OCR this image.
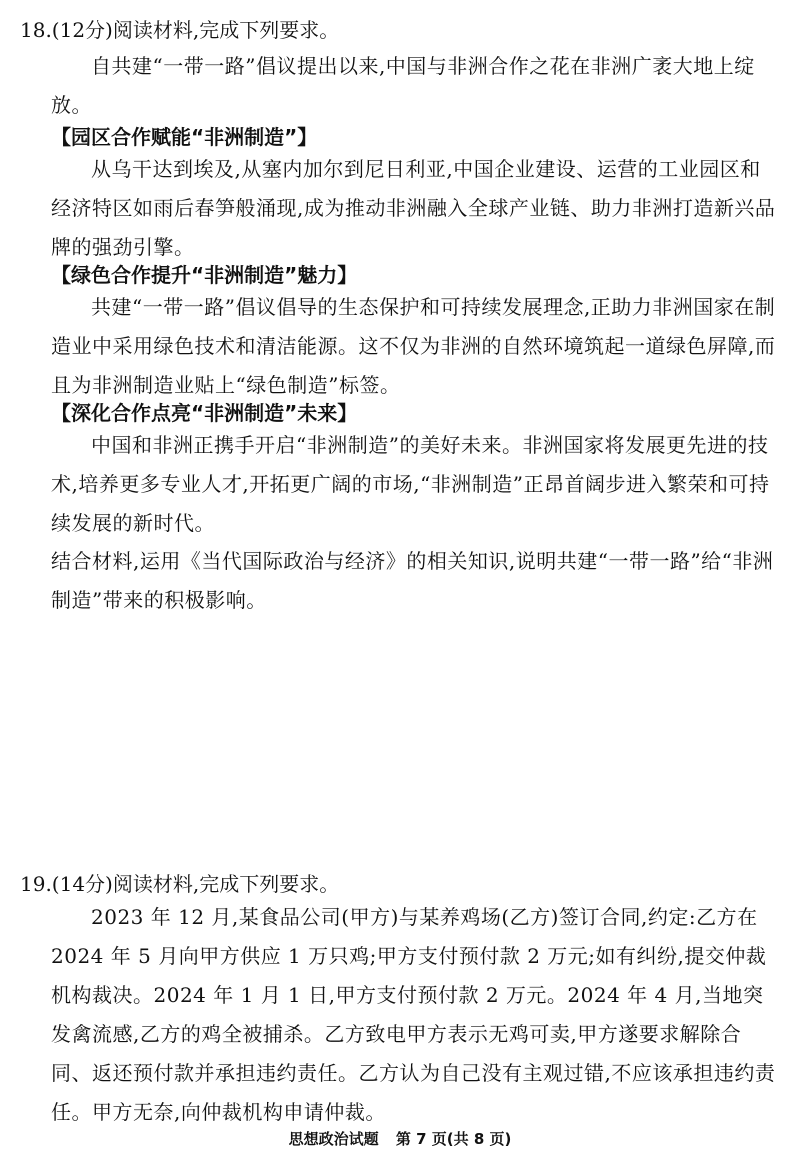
18.(12分)阅读材料,完成下列要求。
自共建“一带一路”倡议提出以来,中国与非洲合作之花在非洲广袤大地上绽放。
【园区合作赋能“非洲制造”】
从乌干达到埃及,从塞内加尔到尼日利亚,中国企业建设、运营的工业园区和经济特区如雨后春笋般涌现,成为推动非洲融入全球产业链、助力非洲打造新兴品牌的强劲引擎。
【绿色合作提升“非洲制造”魅力】
共建“一带一路”倡议倡导的生态保护和可持续发展理念,正助力非洲国家在制造业中采用绿色技术和清洁能源。这不仅为非洲的自然环境筑起一道绿色屏障,而且为非洲制造业贴上“绿色制造”标签。
【深化合作点亮“非洲制造”未来】
中国和非洲正携手开启“非洲制造”的美好未来。非洲国家将发展更先进的技术,培养更多专业人才,开拓更广阔的市场,“非洲制造”正昂首阔步进入繁荣和可持续发展的新时代。
结合材料,运用《当代国际政治与经济》的相关知识,说明共建“一带一路”给“非洲制造”带来的积极影响。
19.(14分)阅读材料,完成下列要求。
2023 年 12 月,某食品公司(甲方)与某养鸡场(乙方)签订合同,约定:乙方在 2024 年 5 月向甲方供应 1 万只鸡;甲方支付预付款 2 万元;如有纠纷,提交仲裁机构裁决。2024 年 1 月 1 日,甲方支付预付款 2 万元。2024 年 4 月,当地突发禽流感,乙方的鸡全被捕杀。乙方致电甲方表示无鸡可卖,甲方遂要求解除合同、返还预付款并承担违约责任。乙方认为自己没有主观过错,不应该承担违约责任。甲方无奈,向仲裁机构申请仲裁。
思想政治试题 第 7 页(共 8 页)
